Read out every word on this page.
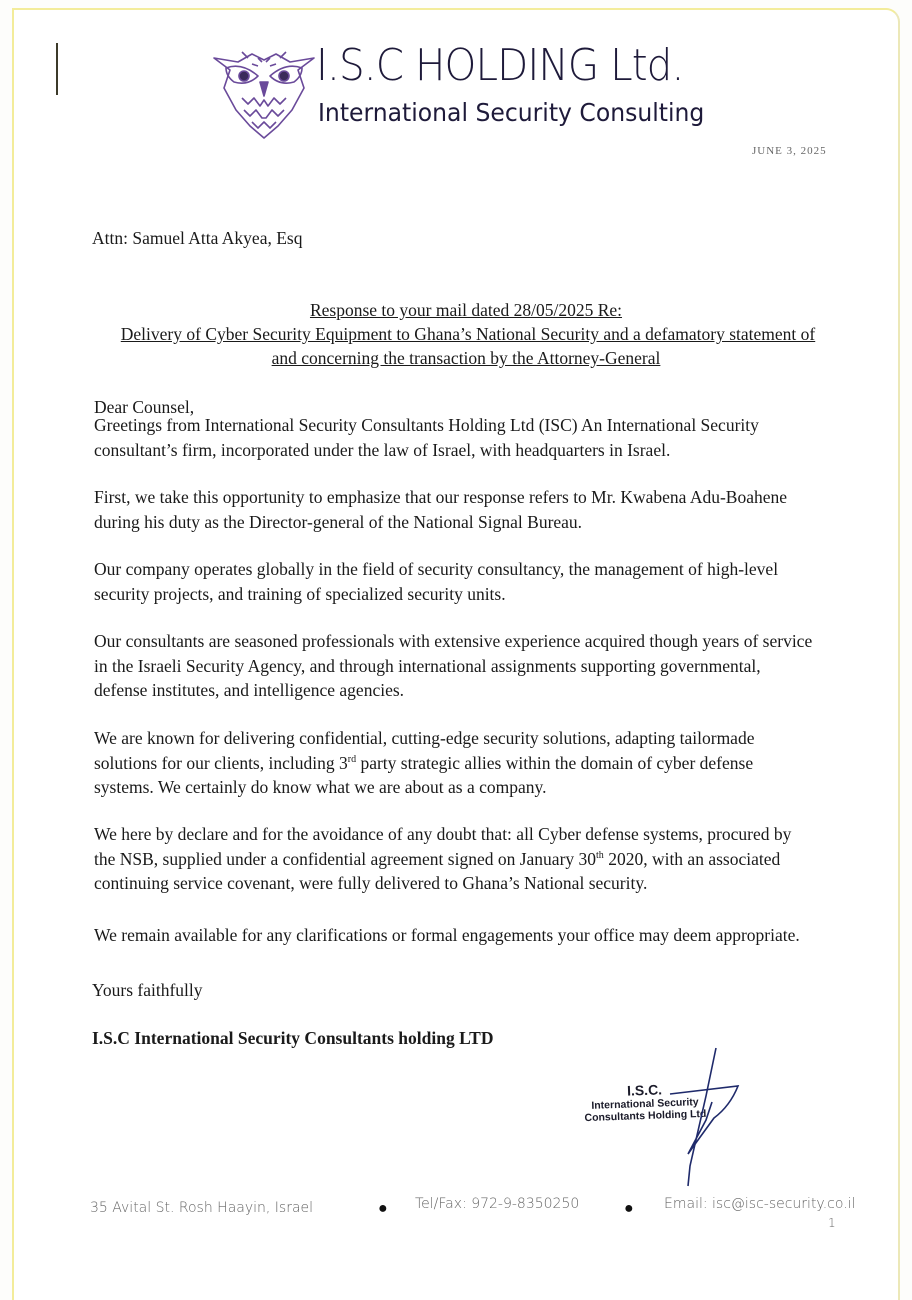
I.S.C HOLDING Ltd.
International Security Consulting
JUNE 3, 2025
Attn: Samuel Atta Akyea, Esq
Response to your mail dated 28/05/2025 Re:
Delivery of Cyber Security Equipment to Ghana’s National Security and a defamatory statement of
and concerning the transaction by the Attorney-General
Dear Counsel,
Greetings from International Security Consultants Holding Ltd (ISC) An International Security
consultant’s firm, incorporated under the law of Israel, with headquarters in Israel.
First, we take this opportunity to emphasize that our response refers to Mr. Kwabena Adu-Boahene
during his duty as the Director-general of the National Signal Bureau.
Our company operates globally in the field of security consultancy, the management of high-level
security projects, and training of specialized security units.
Our consultants are seasoned professionals with extensive experience acquired though years of service
in the Israeli Security Agency, and through international assignments supporting governmental,
defense institutes, and intelligence agencies.
We are known for delivering confidential, cutting-edge security solutions, adapting tailormade
solutions for our clients, including 3rd party strategic allies within the domain of cyber defense
systems. We certainly do know what we are about as a company.
We here by declare and for the avoidance of any doubt that: all Cyber defense systems, procured by
the NSB, supplied under a confidential agreement signed on January 30th 2020, with an associated
continuing service covenant, were fully delivered to Ghana’s National security.
We remain available for any clarifications or formal engagements your office may deem appropriate.
Yours faithfully
I.S.C International Security Consultants holding LTD
I.S.C.
International Security
Consultants Holding Ltd
35 Avital St. Rosh Haayin, Israel	● Tel/Fax: 972-9-8350250	● Email: isc@isc-security.co.il
1
